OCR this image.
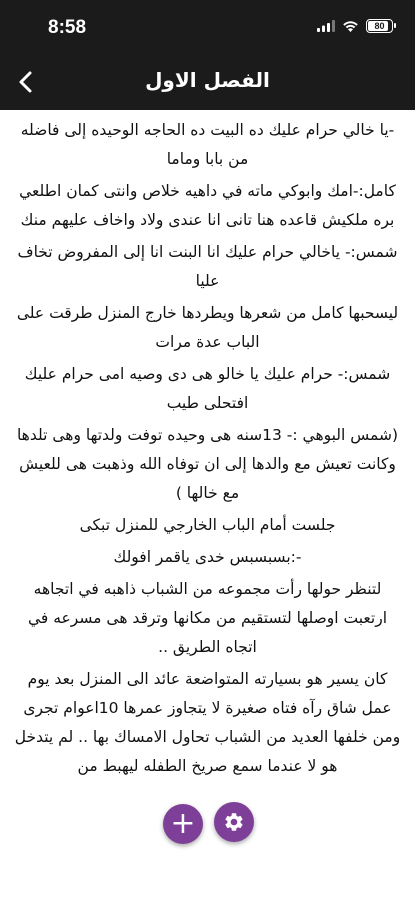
8:58	80
الفصل الاول

-يا خالي حرام عليك ده البيت ده الحاجه الوحيده إلى فاضله من بابا وماما

كامل:-امك وابوكي ماته في داهيه خلاص وانتى كمان اطلعي بره ملكيش قاعده هنا تانى انا عندى ولاد واخاف عليهم منك

شمس:- ياخالي حرام عليك انا البنت انا إلى المفروض تخاف عليا

ليسحبها كامل من شعرها ويطردها خارج المنزل طرقت على الباب عدة مرات

شمس:- حرام عليك يا خالو هى دى وصيه امى حرام عليك افتحلى طيب

(شمس البوهي :- 13سنه هى وحيده توفت ولدتها وهى تلدها وكانت تعيش مع والدها إلى ان توفاه الله وذهبت هى للعيش مع خالها )

جلست أمام الباب الخارجي للمنزل تبكى

-:بسبسبس خدى ياقمر افولك

لتنظر حولها رأت مجموعه من الشباب ذاهبه في اتجاهه ارتعبت اوصلها لتستقيم من مكانها وترقد هى مسرعه في اتجاه الطريق ..

كان يسير هو بسيارته المتواضعة عائد الى المنزل بعد يوم عمل شاق رآه فتاه صغيرة لا يتجاوز عمرها 10اعوام تجرى ومن خلفها العديد من الشباب تحاول الامساك بها .. لم يتدخل هو لا عندما سمع صريخ الطفله ليهبط من

+
